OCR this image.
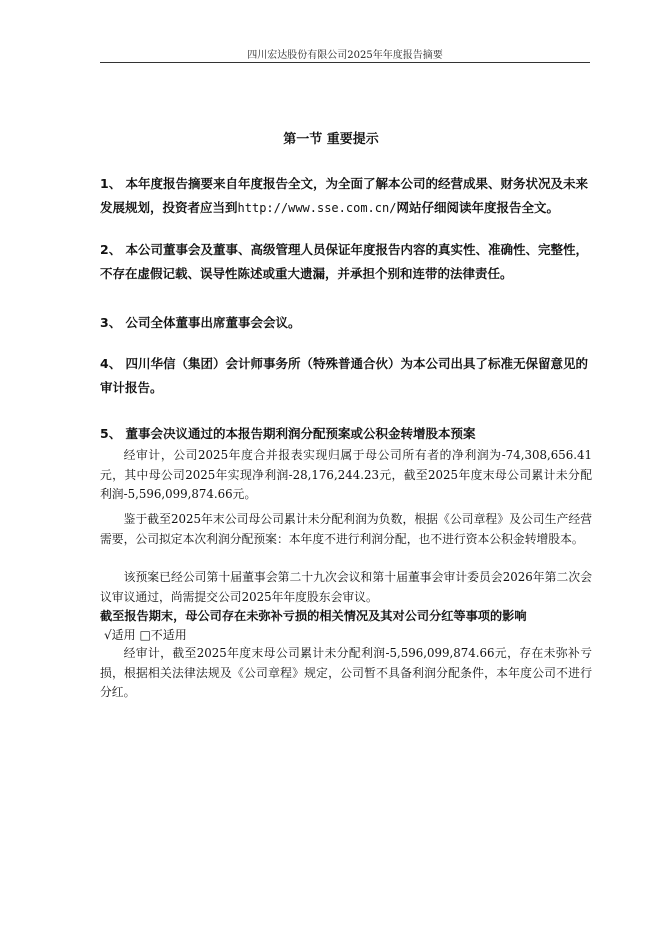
四川宏达股份有限公司2025年年度报告摘要
第一节 重要提示
1、 本年度报告摘要来自年度报告全文，为全面了解本公司的经营成果、财务状况及未来发展规划，投资者应当到http://www.sse.com.cn/网站仔细阅读年度报告全文。
2、 本公司董事会及董事、高级管理人员保证年度报告内容的真实性、准确性、完整性，不存在虚假记载、误导性陈述或重大遗漏，并承担个别和连带的法律责任。
3、 公司全体董事出席董事会会议。
4、 四川华信（集团）会计师事务所（特殊普通合伙）为本公司出具了标准无保留意见的审计报告。
5、 董事会决议通过的本报告期利润分配预案或公积金转增股本预案
经审计，公司2025年度合并报表实现归属于母公司所有者的净利润为-74,308,656.41元，其中母公司2025年实现净利润-28,176,244.23元，截至2025年度末母公司累计未分配利润-5,596,099,874.66元。
鉴于截至2025年末公司母公司累计未分配利润为负数，根据《公司章程》及公司生产经营需要，公司拟定本次利润分配预案：本年度不进行利润分配，也不进行资本公积金转增股本。
该预案已经公司第十届董事会第二十九次会议和第十届董事会审计委员会2026年第二次会议审议通过，尚需提交公司2025年年度股东会审议。
截至报告期末，母公司存在未弥补亏损的相关情况及其对公司分红等事项的影响
√适用 □不适用
经审计，截至2025年度末母公司累计未分配利润-5,596,099,874.66元，存在未弥补亏损，根据相关法律法规及《公司章程》规定，公司暂不具备利润分配条件，本年度公司不进行分红。
